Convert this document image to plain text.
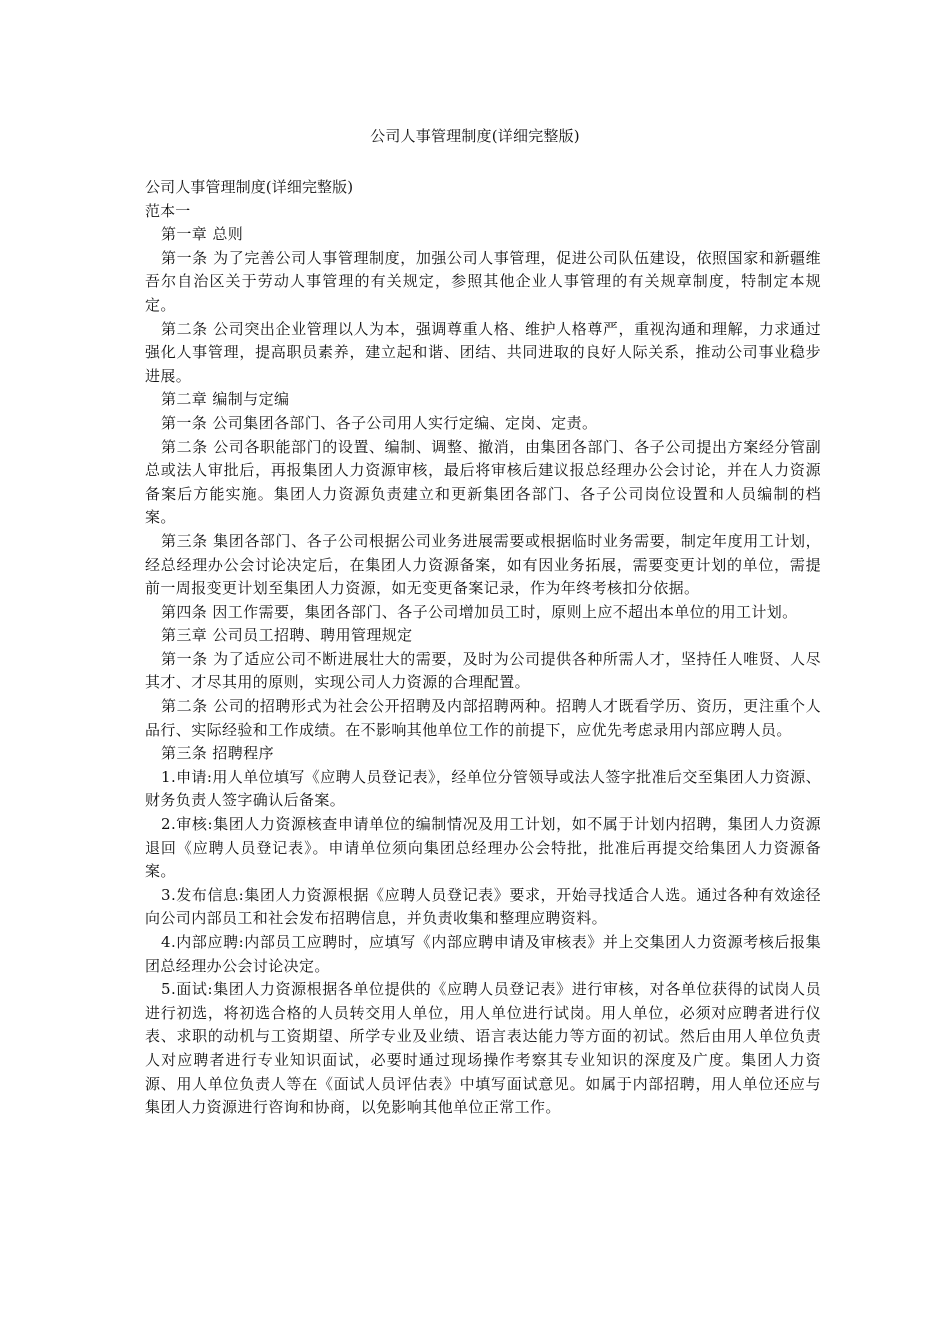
公司人事管理制度(详细完整版)
公司人事管理制度(详细完整版)
范本一

第一章 总则

第一条 为了完善公司人事管理制度，加强公司人事管理，促进公司队伍建设，依照国家和新疆维吾尔自治区关于劳动人事管理的有关规定，参照其他企业人事管理的有关规章制度，特制定本规定。

第二条 公司突出企业管理以人为本，强调尊重人格、维护人格尊严，重视沟通和理解，力求通过强化人事管理，提高职员素养，建立起和谐、团结、共同进取的良好人际关系，推动公司事业稳步进展。

第二章 编制与定编

第一条 公司集团各部门、各子公司用人实行定编、定岗、定责。

第二条 公司各职能部门的设置、编制、调整、撤消，由集团各部门、各子公司提出方案经分管副总或法人审批后，再报集团人力资源审核，最后将审核后建议报总经理办公会讨论，并在人力资源备案后方能实施。集团人力资源负责建立和更新集团各部门、各子公司岗位设置和人员编制的档案。

第三条 集团各部门、各子公司根据公司业务进展需要或根据临时业务需要，制定年度用工计划，经总经理办公会讨论决定后，在集团人力资源备案，如有因业务拓展，需要变更计划的单位，需提前一周报变更计划至集团人力资源，如无变更备案记录，作为年终考核扣分依据。

第四条 因工作需要，集团各部门、各子公司增加员工时，原则上应不超出本单位的用工计划。

第三章 公司员工招聘、聘用管理规定

第一条 为了适应公司不断进展壮大的需要，及时为公司提供各种所需人才，坚持任人唯贤、人尽其才、才尽其用的原则，实现公司人力资源的合理配置。

第二条 公司的招聘形式为社会公开招聘及内部招聘两种。招聘人才既看学历、资历，更注重个人品行、实际经验和工作成绩。在不影响其他单位工作的前提下，应优先考虑录用内部应聘人员。

第三条 招聘程序

1.申请:用人单位填写《应聘人员登记表》，经单位分管领导或法人签字批准后交至集团人力资源、财务负责人签字确认后备案。

2.审核:集团人力资源核查申请单位的编制情况及用工计划，如不属于计划内招聘，集团人力资源退回《应聘人员登记表》。申请单位须向集团总经理办公会特批，批准后再提交给集团人力资源备案。

3.发布信息:集团人力资源根据《应聘人员登记表》要求，开始寻找适合人选。通过各种有效途径向公司内部员工和社会发布招聘信息，并负责收集和整理应聘资料。

4.内部应聘:内部员工应聘时，应填写《内部应聘申请及审核表》并上交集团人力资源考核后报集团总经理办公会讨论决定。

5.面试:集团人力资源根据各单位提供的《应聘人员登记表》进行审核，对各单位获得的试岗人员进行初选，将初选合格的人员转交用人单位，用人单位进行试岗。用人单位，必须对应聘者进行仪表、求职的动机与工资期望、所学专业及业绩、语言表达能力等方面的初试。然后由用人单位负责人对应聘者进行专业知识面试，必要时通过现场操作考察其专业知识的深度及广度。集团人力资源、用人单位负责人等在《面试人员评估表》中填写面试意见。如属于内部招聘，用人单位还应与集团人力资源进行咨询和协商，以免影响其他单位正常工作。
